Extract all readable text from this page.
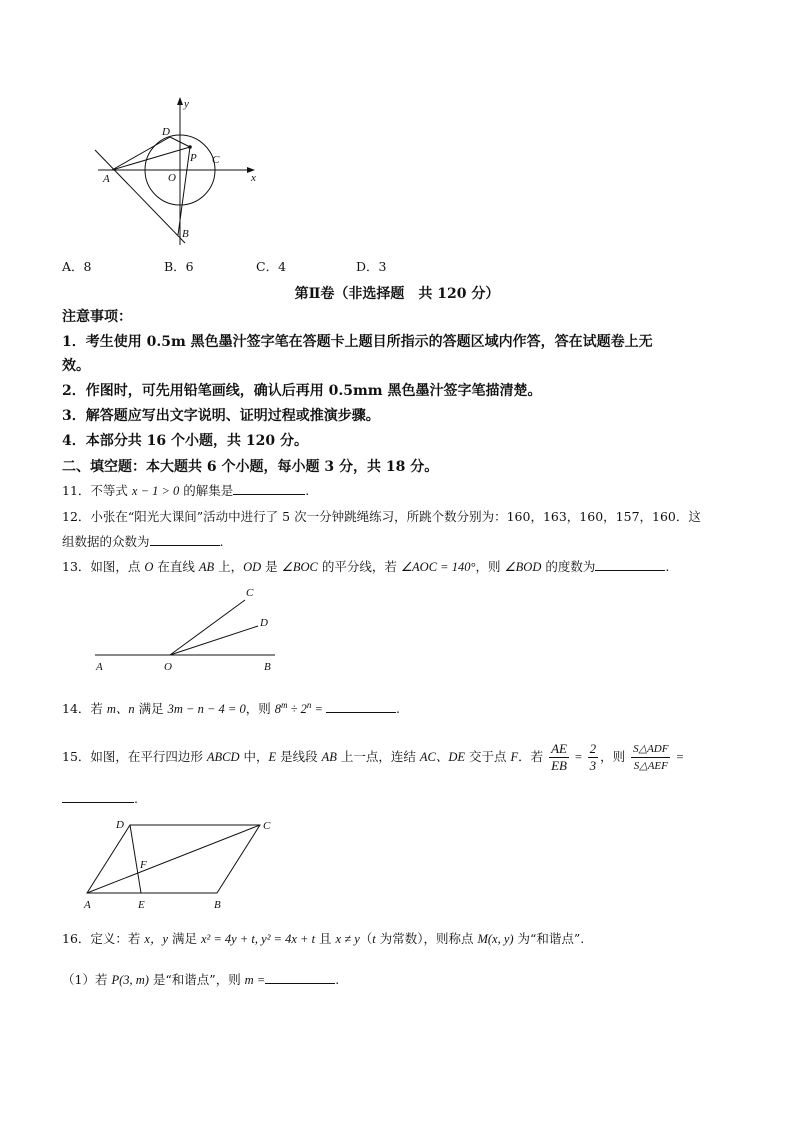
y
x
D
P C
A	O
B
A．8	B．6	C．4	D．3
第Ⅱ卷（非选择题　共 120 分）
注意事项：
1．考生使用 0.5m 黑色墨汁签字笔在答题卡上题目所指示的答题区域内作答，答在试题卷上无
效。
2．作图时，可先用铅笔画线，确认后再用 0.5mm 黑色墨汁签字笔描清楚。
3．解答题应写出文字说明、证明过程或推演步骤。
4．本部分共 16 个小题，共 120 分。
二、填空题：本大题共 6 个小题，每小题 3 分，共 18 分。
11．不等式 x − 1 > 0 的解集是	.
12．小张在“阳光大课间”活动中进行了 5 次一分钟跳绳练习，所跳个数分别为：160，163，160，157，160．这
组数据的众数为	.
13．如图，点 O 在直线 AB 上，OD 是 ∠BOC 的平分线，若 ∠AOC = 140°，则 ∠BOD 的度数为	.
C
D
A	O	B
14．若 m、n 满足 3m − n − 4 = 0，则 $8^m \div 2^n$ =	.
15．如图，在平行四边形 ABCD 中，E 是线段 AB 上一点，连结 AC、DE 交于点 F．若 $\frac{AE}{EB} = \frac{2}{3}$ ，则 $\frac{\text{S△ADF}}{\text{S△AEF}}$ =
.
D	C
F
A	E	B
16．定义：若 x，y 满足 x² = 4y + t, y² = 4x + t 且 x ≠ y（t 为常数），则称点 M(x, y) 为“和谐点”.
（1）若 P(3, m) 是“和谐点”，则 m =	.
